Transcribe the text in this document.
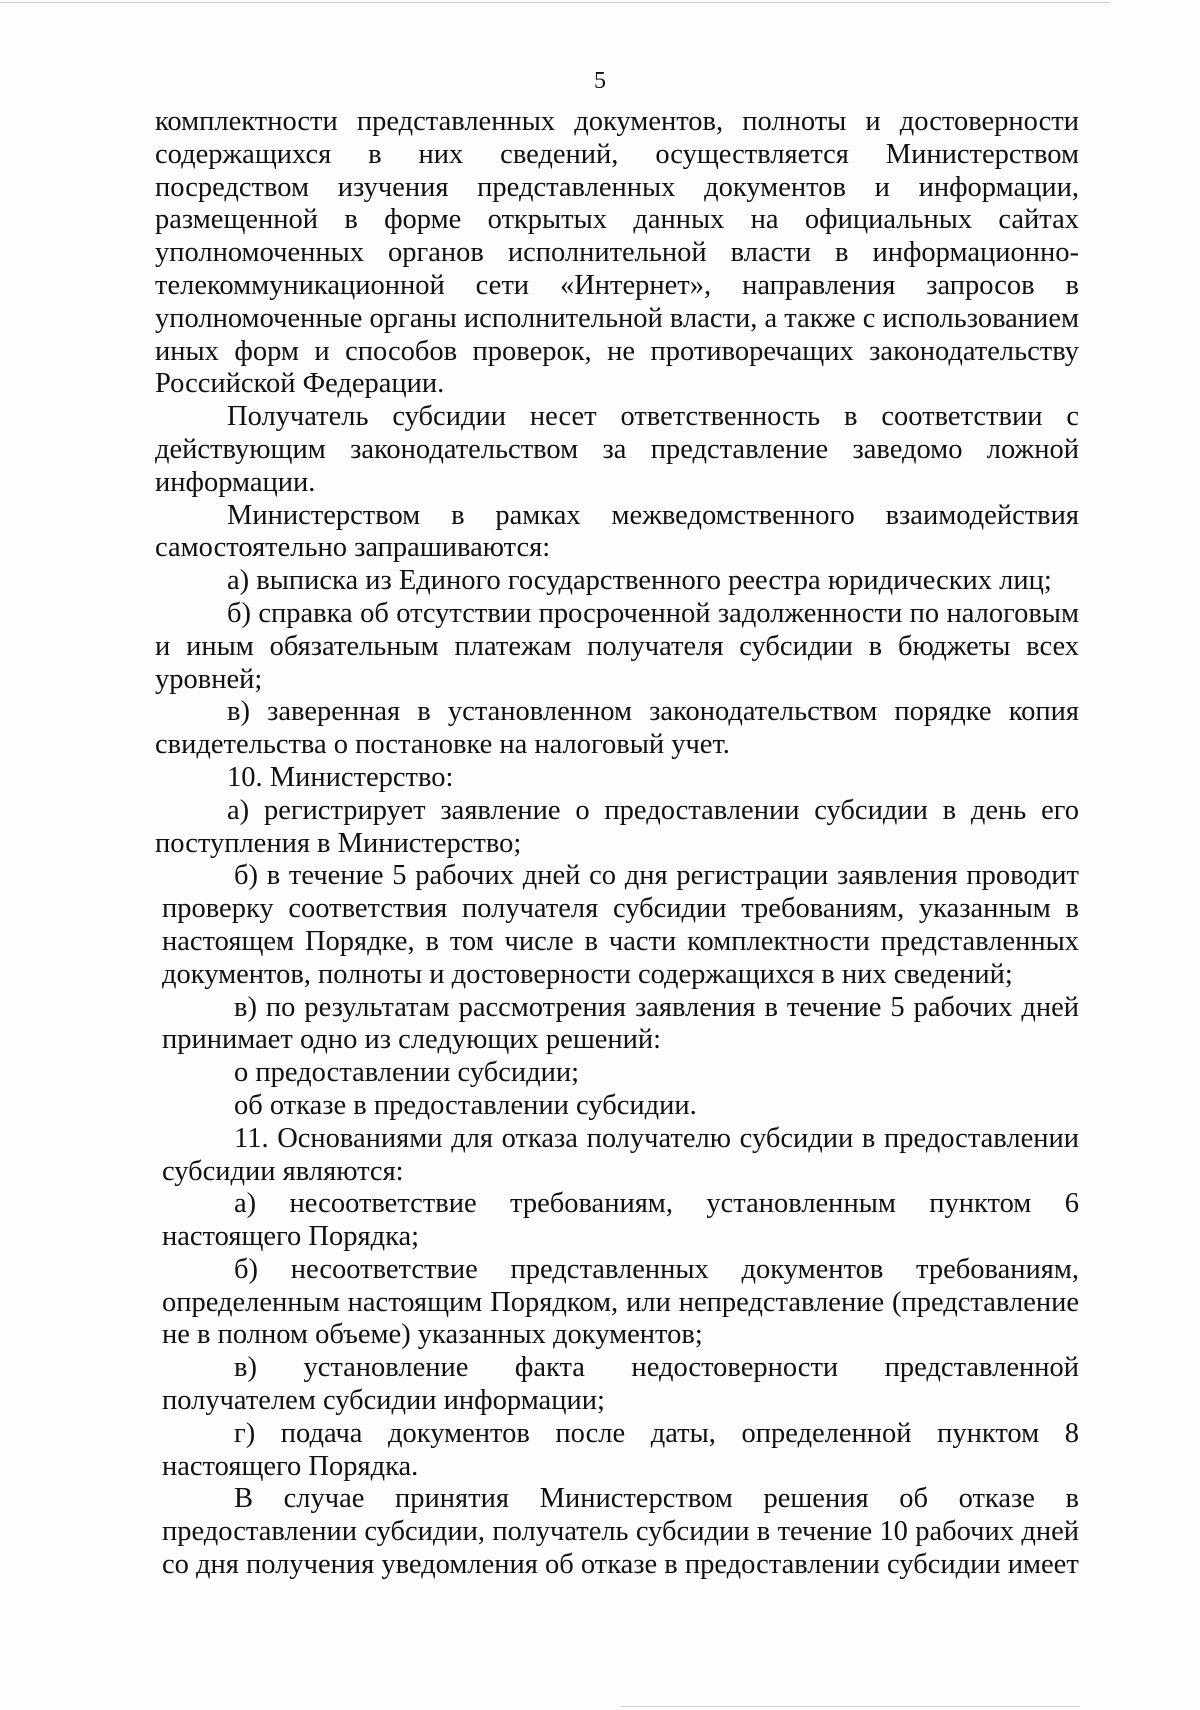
5

комплектности представленных документов, полноты и достоверности содержащихся в них сведений, осуществляется Министерством посредством изучения представленных документов и информации, размещенной в форме открытых данных на официальных сайтах уполномоченных органов исполнительной власти в информационно-телекоммуникационной сети «Интернет», направления запросов в уполномоченные органы исполнительной власти, а также с использованием иных форм и способов проверок, не противоречащих законодательству Российской Федерации.

Получатель субсидии несет ответственность в соответствии с действующим законодательством за представление заведомо ложной информации.

Министерством в рамках межведомственного взаимодействия самостоятельно запрашиваются:

а) выписка из Единого государственного реестра юридических лиц;

б) справка об отсутствии просроченной задолженности по налоговым и иным обязательным платежам получателя субсидии в бюджеты всех уровней;

в) заверенная в установленном законодательством порядке копия свидетельства о постановке на налоговый учет.

10. Министерство:

а) регистрирует заявление о предоставлении субсидии в день его поступления в Министерство;

б) в течение 5 рабочих дней со дня регистрации заявления проводит проверку соответствия получателя субсидии требованиям, указанным в настоящем Порядке, в том числе в части комплектности представленных документов, полноты и достоверности содержащихся в них сведений;

в) по результатам рассмотрения заявления в течение 5 рабочих дней принимает одно из следующих решений:

о предоставлении субсидии;

об отказе в предоставлении субсидии.

11. Основаниями для отказа получателю субсидии в предоставлении субсидии являются:

а) несоответствие требованиям, установленным пунктом 6 настоящего Порядка;

б) несоответствие представленных документов требованиям, определенным настоящим Порядком, или непредставление (представление не в полном объеме) указанных документов;

в) установление факта недостоверности представленной получателем субсидии информации;

г) подача документов после даты, определенной пунктом 8 настоящего Порядка.

В случае принятия Министерством решения об отказе в предоставлении субсидии, получатель субсидии в течение 10 рабочих дней со дня получения уведомления об отказе в предоставлении субсидии имеет
